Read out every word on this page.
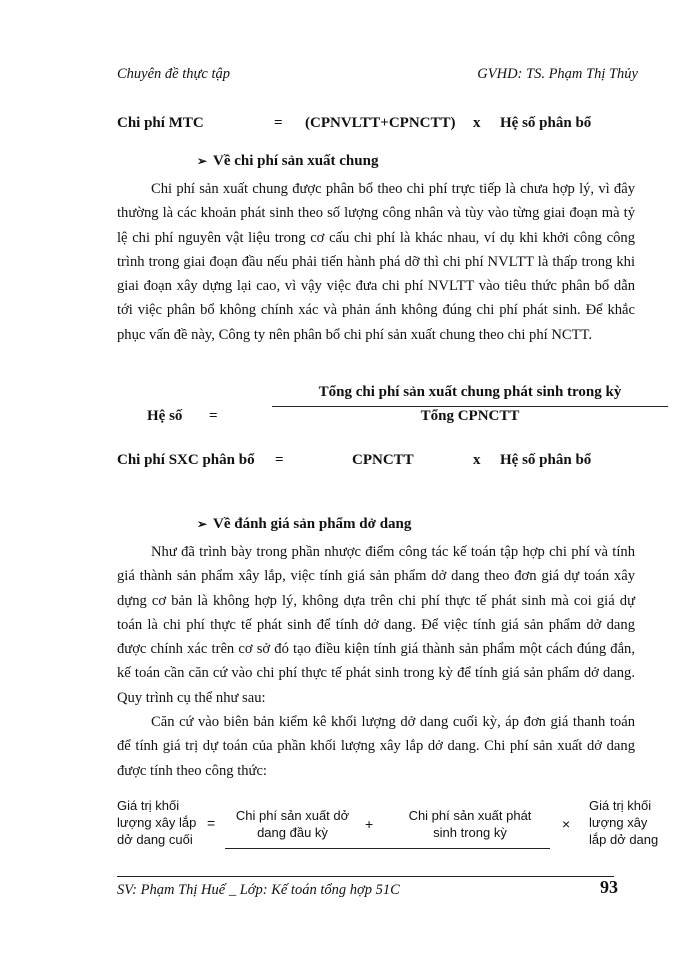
Chuyên đề thực tập	GVHD: TS. Phạm Thị Thủy
Chi phí MTC	= (CPNVLTT+CPNCTT) x Hệ số phân bổ
➢ Về chi phí sản xuất chung

Chi phí sản xuất chung được phân bổ theo chi phí trực tiếp là chưa hợp lý, vì đây thường là các khoản phát sinh theo số lượng công nhân và tùy vào từng giai đoạn mà tỷ lệ chi phí nguyên vật liệu trong cơ cấu chi phí là khác nhau, ví dụ khi khởi công công trình trong giai đoạn đầu nếu phải tiến hành phá dỡ thì chi phí NVLTT là thấp trong khi giai đoạn xây dựng lại cao, vì vậy việc đưa chi phí NVLTT vào tiêu thức phân bổ dẫn tới việc phân bổ không chính xác và phản ánh không đúng chi phí phát sinh. Để khắc phục vấn đề này, Công ty nên phân bổ chi phí sản xuất chung theo chi phí NCTT.

Tổng chi phí sản xuất chung phát sinh trong kỳ
Hệ số =	Tổng CPNCTT
Chi phí SXC phân bổ =	CPNCTT	x Hệ số phân bổ
➢ Về đánh giá sản phẩm dở dang

Như đã trình bày trong phần nhược điểm công tác kế toán tập hợp chi phí và tính giá thành sản phẩm xây lắp, việc tính giá sản phẩm dở dang theo đơn giá dự toán xây dựng cơ bản là không hợp lý, không dựa trên chi phí thực tế phát sinh mà coi giá dự toán là chi phí thực tế phát sinh để tính dở dang. Để việc tính giá sản phẩm dở dang được chính xác trên cơ sở đó tạo điều kiện tính giá thành sản phẩm một cách đúng đắn, kế toán cần căn cứ vào chi phí thực tế phát sinh trong kỳ để tính giá sản phẩm dở dang. Quy trình cụ thể như sau:

Căn cứ vào biên bản kiểm kê khối lượng dở dang cuối kỳ, áp đơn giá thanh toán để tính giá trị dự toán của phần khối lượng xây lắp dở dang. Chi phí sản xuất dở dang được tính theo công thức:

Giá trị khối
lượng xây lắp
dở dang cuối
=	Chi phí sản xuất dở
dang đầu kỳ
+
Chi phí sản xuất phát
sinh trong kỳ
×
Giá trị khối
lượng xây
lắp dở dang
SV: Phạm Thị Huế _ Lớp: Kế toán tổng hợp 51C	93
